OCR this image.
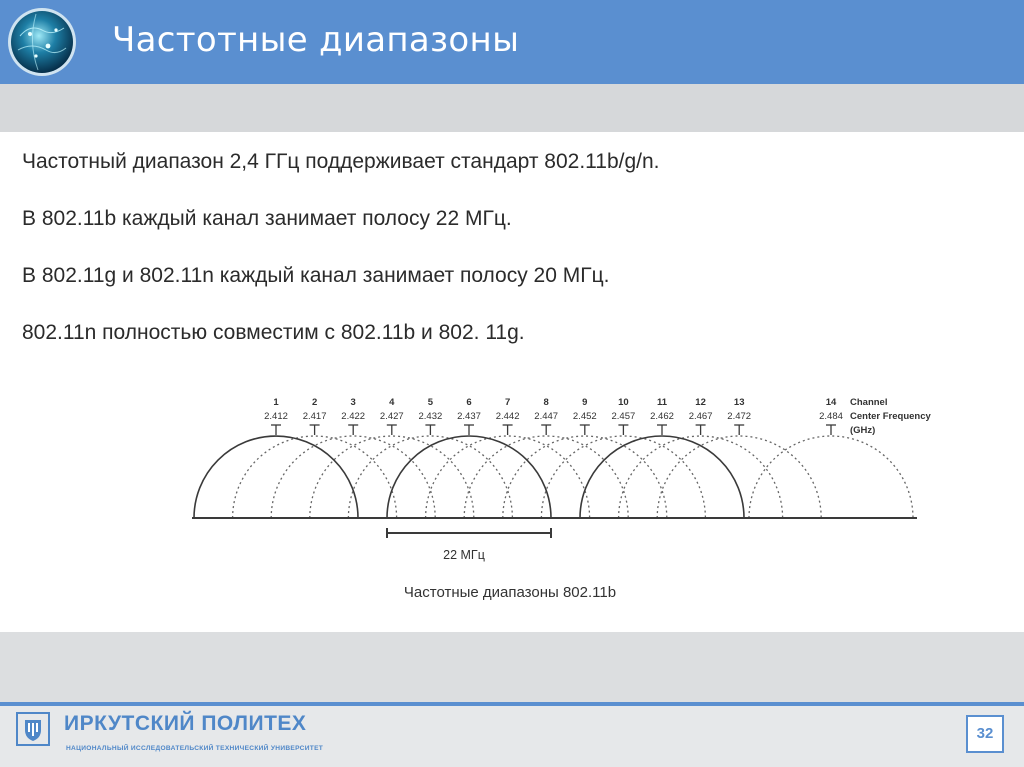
Частотные диапазоны
Частотный диапазон 2,4 ГГц поддерживает стандарт 802.11b/g/n.
В 802.11b каждый канал занимает полосу 22 МГц.
В 802.11g и 802.11n каждый канал занимает полосу 20 МГц.
802.11n полностью совместим с 802.11b и 802. 11g.
1
2.412
2
2.417
3
2.422
4
2.427
5
2.432
6
2.437
7
2.442
8
2.447
9
2.452
10
2.457
11
2.462
12
2.467
13
2.472
14
2.484
Channel
Center Frequency
(GHz)
22 МГц
Частотные диапазоны 802.11b
ИРКУТСКИЙ ПОЛИТЕХ
НАЦИОНАЛЬНЫЙ ИССЛЕДОВАТЕЛЬСКИЙ ТЕХНИЧЕСКИЙ УНИВЕРСИТЕТ
32
